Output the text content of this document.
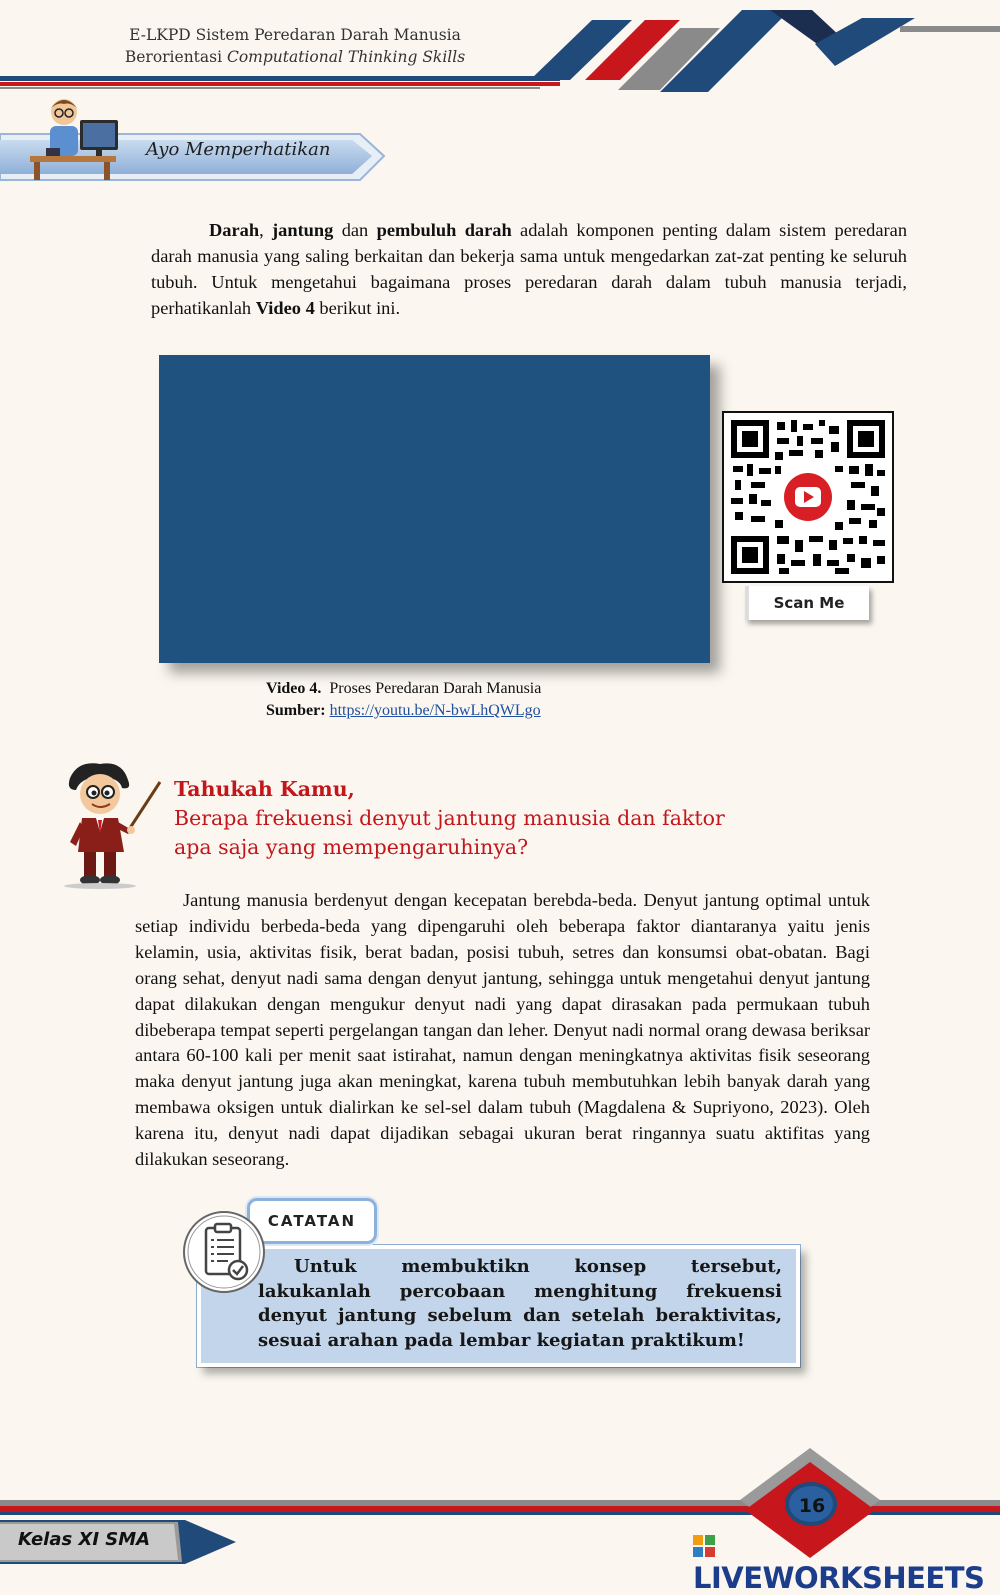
E-LKPD Sistem Peredaran Darah Manusia
Berorientasi Computational Thinking Skills
Ayo Memperhatikan

Darah, jantung dan pembuluh darah adalah komponen penting dalam sistem peredaran darah manusia yang saling berkaitan dan bekerja sama untuk mengedarkan zat-zat penting ke seluruh tubuh. Untuk mengetahui bagaimana proses peredaran darah dalam tubuh manusia terjadi, perhatikanlah Video 4 berikut ini.

Scan Me
Video 4. Proses Peredaran Darah Manusia
Sumber: https://youtu.be/N-bwLhQWLgo
Tahukah Kamu,
Berapa frekuensi denyut jantung manusia dan faktor
apa saja yang mempengaruhinya?

Jantung manusia berdenyut dengan kecepatan berebda-beda. Denyut jantung optimal untuk setiap individu berbeda-beda yang dipengaruhi oleh beberapa faktor diantaranya yaitu jenis kelamin, usia, aktivitas fisik, berat badan, posisi tubuh, setres dan konsumsi obat-obatan. Bagi orang sehat, denyut nadi sama dengan denyut jantung, sehingga untuk mengetahui denyut jantung dapat dilakukan dengan mengukur denyut nadi yang dapat dirasakan pada permukaan tubuh dibeberapa tempat seperti pergelangan tangan dan leher. Denyut nadi normal orang dewasa beriksar antara 60-100 kali per menit saat istirahat, namun dengan meningkatnya aktivitas fisik seseorang maka denyut jantung juga akan meningkat, karena tubuh membutuhkan lebih banyak darah yang membawa oksigen untuk dialirkan ke sel-sel dalam tubuh (Magdalena & Supriyono, 2023). Oleh karena itu, denyut nadi dapat dijadikan sebagai ukuran berat ringannya suatu aktifitas yang dilakukan seseorang.

Untuk membuktikn konsep tersebut, lakukanlah percobaan menghitung frekuensi denyut jantung sebelum dan setelah beraktivitas, sesuai arahan pada lembar kegiatan praktikum!
CATATAN
Kelas XI SMA
16
LIVEWORKSHEETS
